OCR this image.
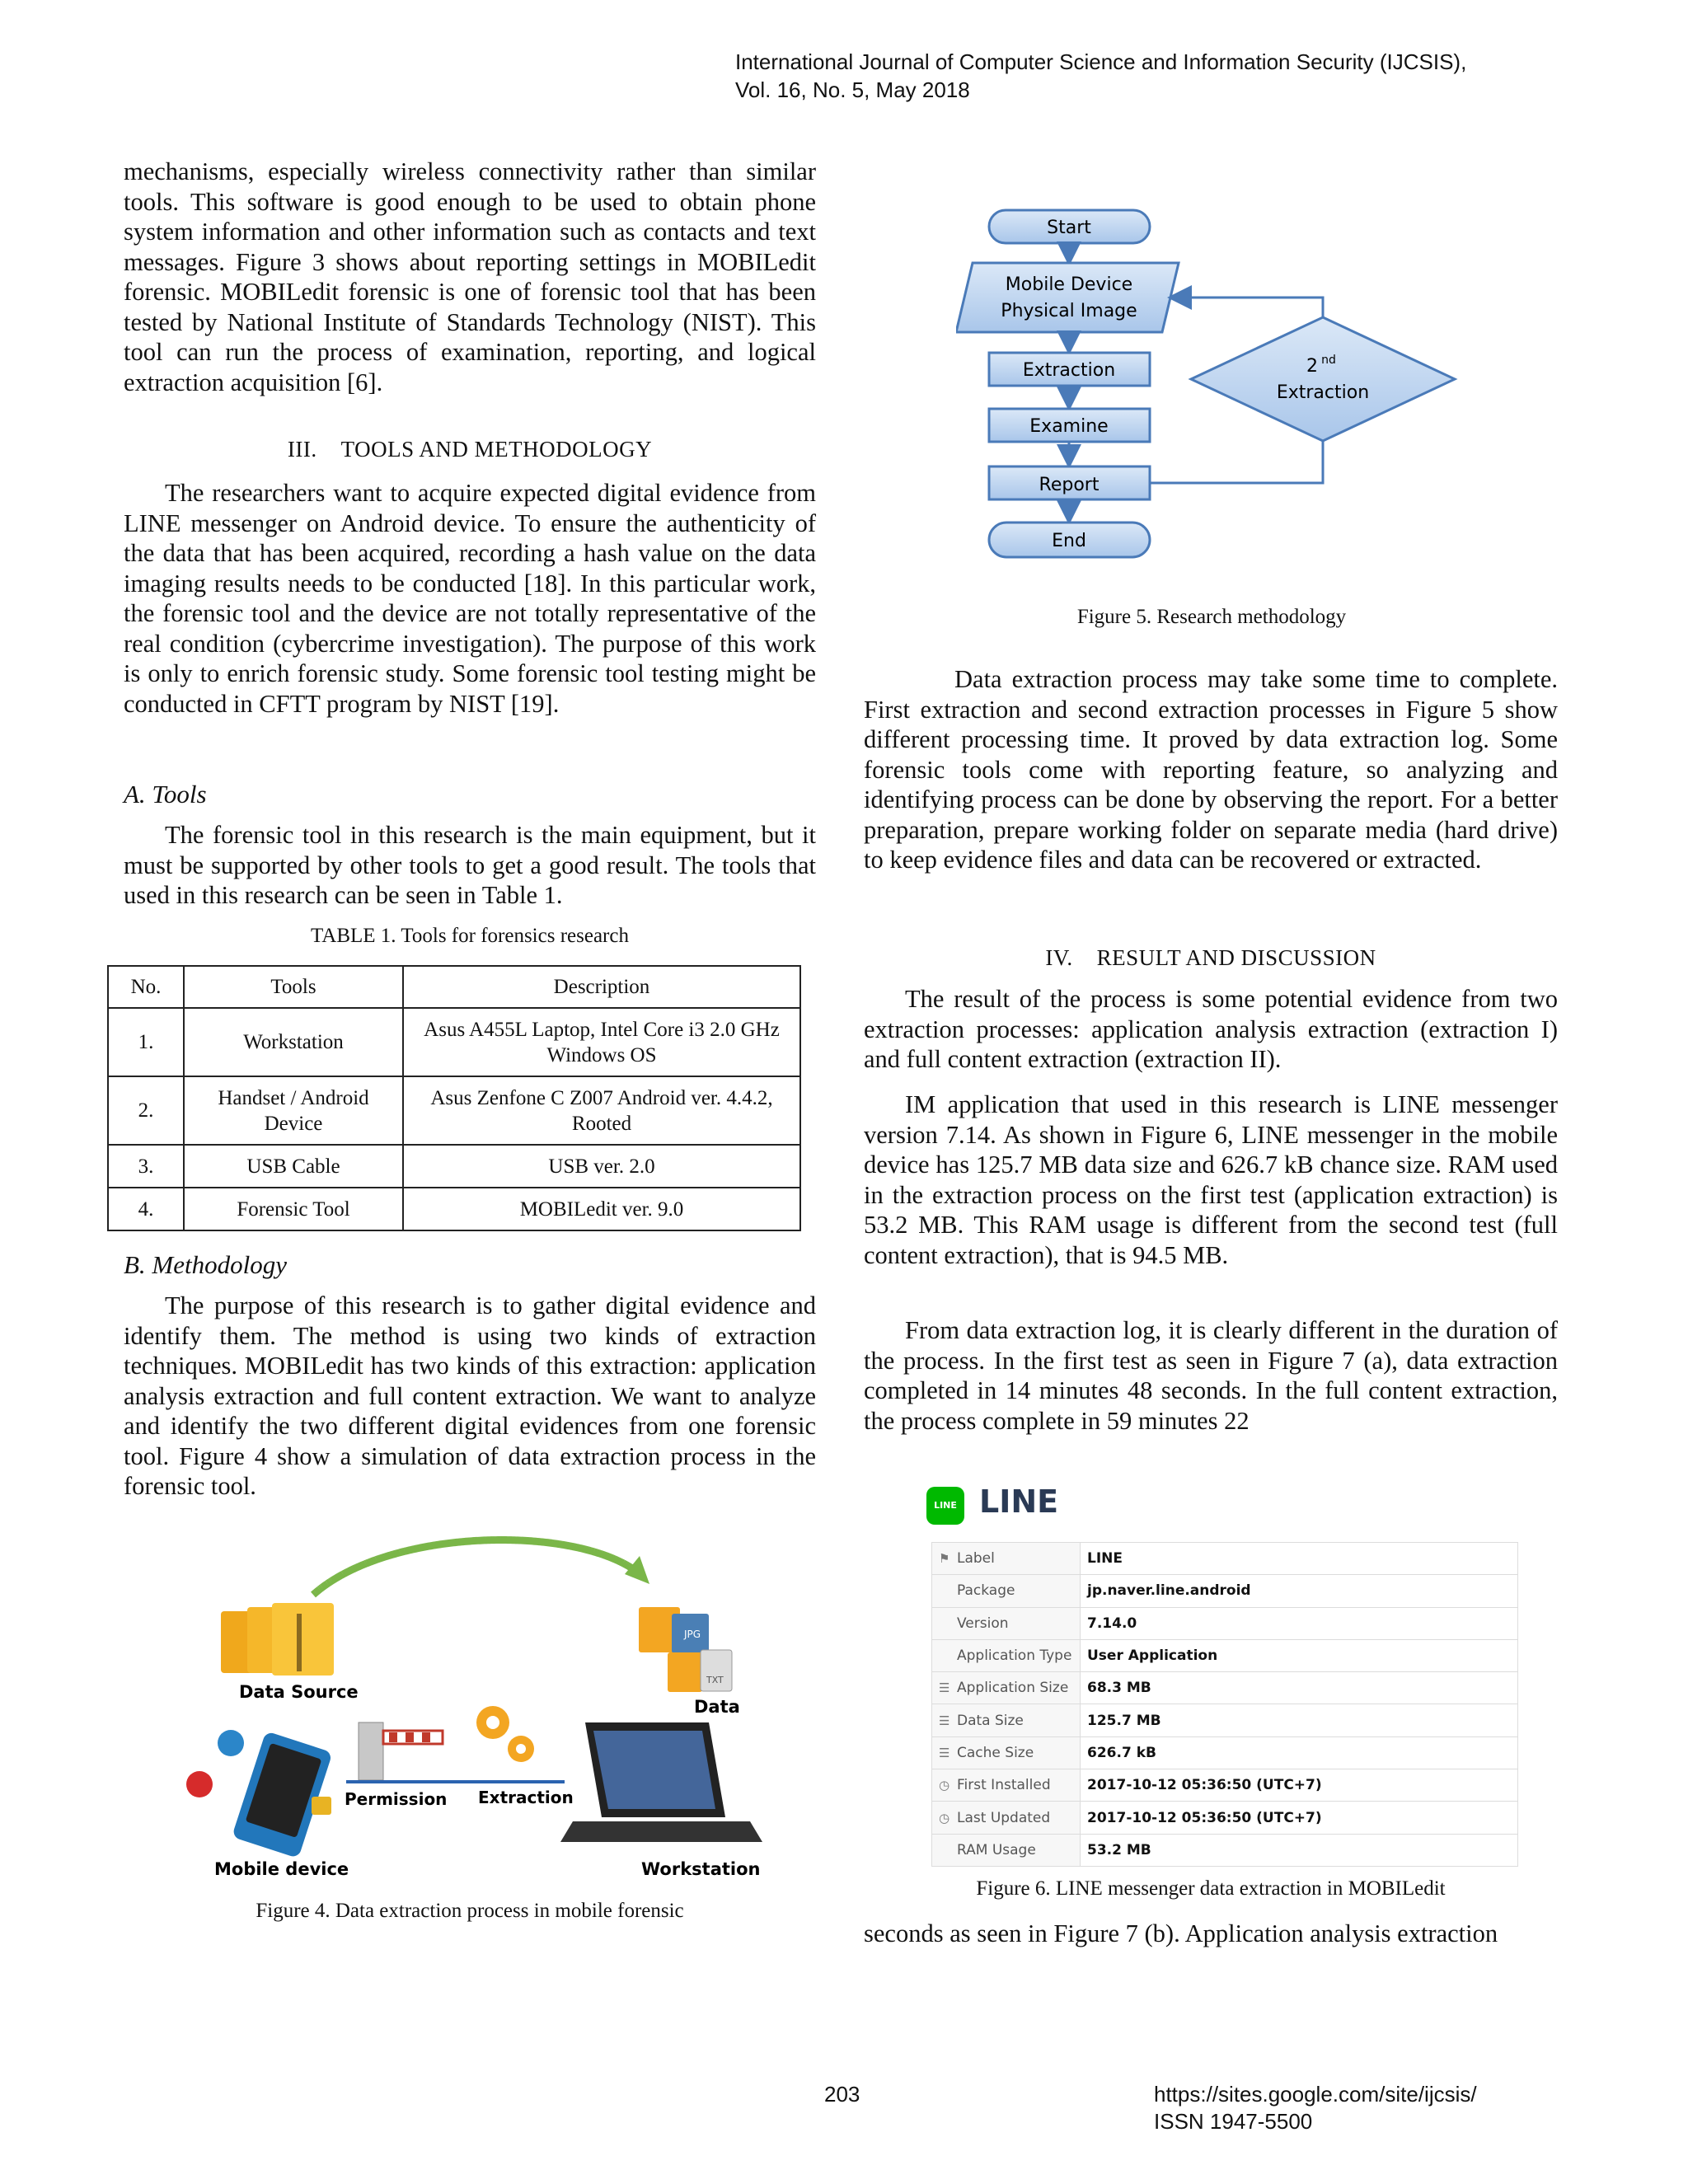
International Journal of Computer Science and Information Security (IJCSIS),
Vol. 16, No. 5, May 2018

mechanisms, especially wireless connectivity rather than similar tools. This software is good enough to be used to obtain phone system information and other information such as contacts and text messages. Figure 3 shows about reporting settings in MOBILedit forensic. MOBILedit forensic is one of forensic tool that has been tested by National Institute of Standards Technology (NIST). This tool can run the process of examination, reporting, and logical extraction acquisition [6].

III. TOOLS AND METHODOLOGY

The researchers want to acquire expected digital evidence from LINE messenger on Android device. To ensure the authenticity of the data that has been acquired, recording a hash value on the data imaging results needs to be conducted [18]. In this particular work, the forensic tool and the device are not totally representative of the real condition (cybercrime investigation). The purpose of this work is only to enrich forensic study. Some forensic tool testing might be conducted in CFTT program by NIST [19].

A. Tools

The forensic tool in this research is the main equipment, but it must be supported by other tools to get a good result. The tools that used in this research can be seen in Table 1.

TABLE 1. Tools for forensics research
No.	Tools	Description
1.	Workstation	Asus A455L Laptop, Intel Core i3 2.0 GHz Windows OS
2.	Handset / Android Device	Asus Zenfone C Z007 Android ver. 4.4.2, Rooted
3.	USB Cable	USB ver. 2.0
4.	Forensic Tool	MOBILedit ver. 9.0
B. Methodology

The purpose of this research is to gather digital evidence and identify them. The method is using two kinds of extraction techniques. MOBILedit has two kinds of this extraction: application analysis extraction and full content extraction. We want to analyze and identify the two different digital evidences from one forensic tool. Figure 4 show a simulation of data extraction process in the forensic tool.

Data Source
JPG
TXT
Data
Mobile device
Permission Extraction
Workstation
Figure 4. Data extraction process in mobile forensic
Start
Mobile Device
Physical Image
Extraction
Examine
Report
End
2 nd
Extraction
Figure 5. Research methodology

Data extraction process may take some time to complete. First extraction and second extraction processes in Figure 5 show different processing time. It proved by data extraction log. Some forensic tools come with reporting feature, so analyzing and identifying process can be done by observing the report. For a better preparation, prepare working folder on separate media (hard drive) to keep evidence files and data can be recovered or extracted.

IV. RESULT AND DISCUSSION

The result of the process is some potential evidence from two extraction processes: application analysis extraction (extraction I) and full content extraction (extraction II).

IM application that used in this research is LINE messenger version 7.14. As shown in Figure 6, LINE messenger in the mobile device has 125.7 MB data size and 626.7 kB chance size. RAM used in the extraction process on the first test (application extraction) is 53.2 MB. This RAM usage is different from the second test (full content extraction), that is 94.5 MB.

From data extraction log, it is clearly different in the duration of the process. In the first test as seen in Figure 7 (a), data extraction completed in 14 minutes 48 seconds. In the full content extraction, the process complete in 59 minutes 22

LINE LINE
⚑ Label	LINE
Package	jp.naver.line.android
Version	7.14.0
Application Type	User Application
☰ Application Size	68.3 MB
☰ Data Size	125.7 MB
☰ Cache Size	626.7 kB
◷ First Installed	2017-10-12 05:36:50 (UTC+7)
◷ Last Updated	2017-10-12 05:36:50 (UTC+7)
RAM Usage	53.2 MB
Figure 6. LINE messenger data extraction in MOBILedit

seconds as seen in Figure 7 (b). Application analysis extraction

203	https://sites.google.com/site/ijcsis/
ISSN 1947-5500
